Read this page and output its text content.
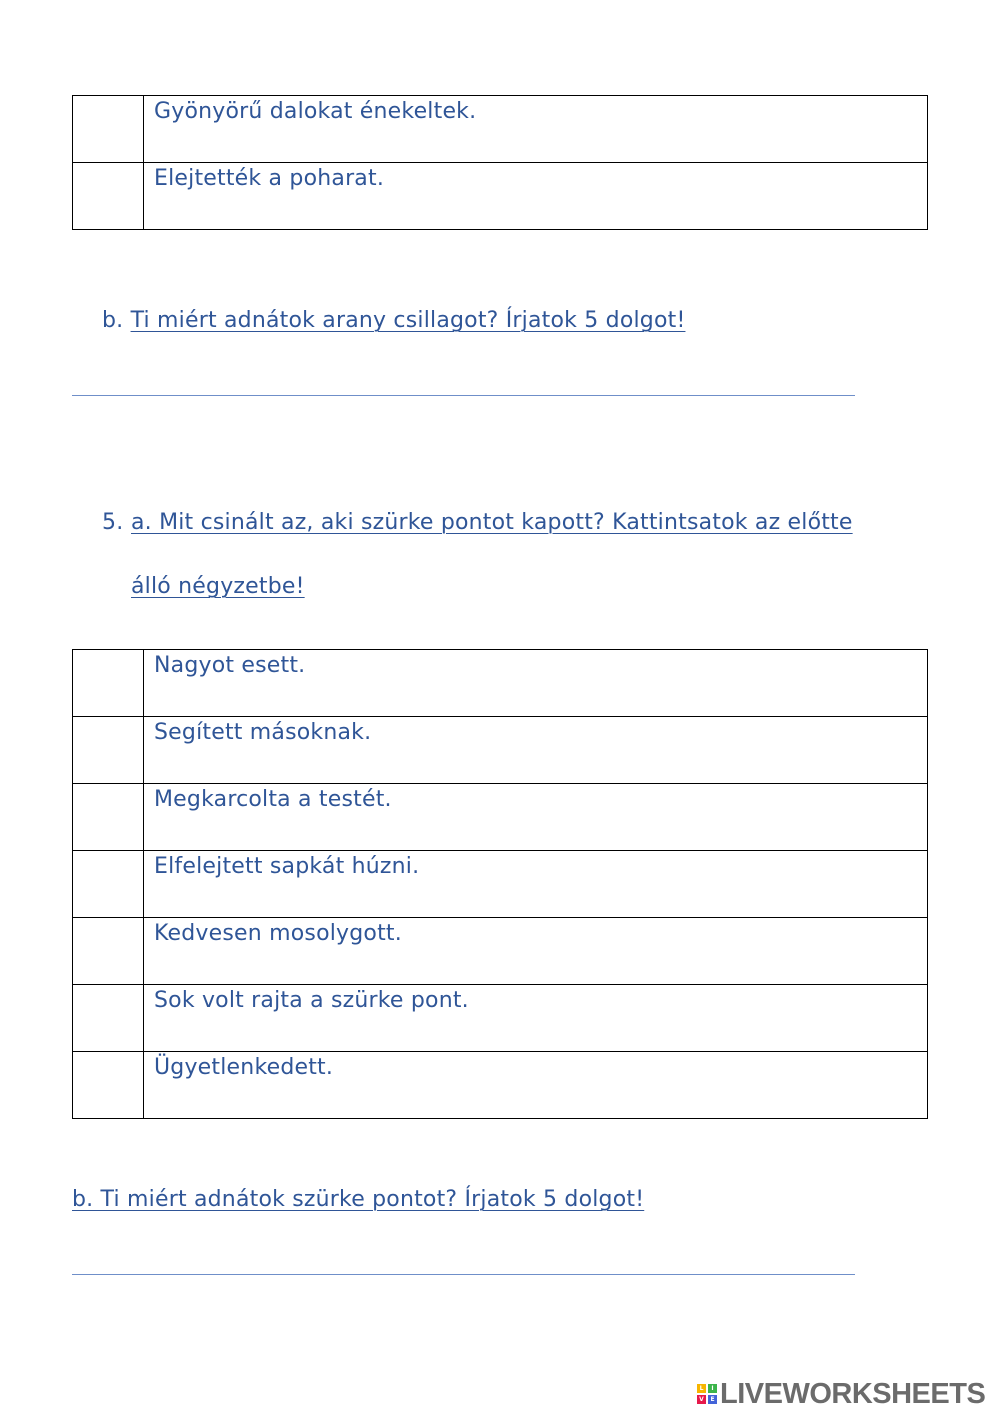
	Gyönyörű dalokat énekeltek.
	Elejtették a poharat.
b. Ti miért adnátok arany csillagot? Írjatok 5 dolgot!
5. a. Mit csinált az, aki szürke pontot kapott? Kattintsatok az előtte
álló négyzetbe!
	Nagyot esett.
	Segített másoknak.
	Megkarcolta a testét.
	Elfelejtett sapkát húzni.
	Kedvesen mosolygott.
	Sok volt rajta a szürke pont.
	Ügyetlenkedett.
b. Ti miért adnátok szürke pontot? Írjatok 5 dolgot!
L	I
V	E LIVEWORKSHEETS
